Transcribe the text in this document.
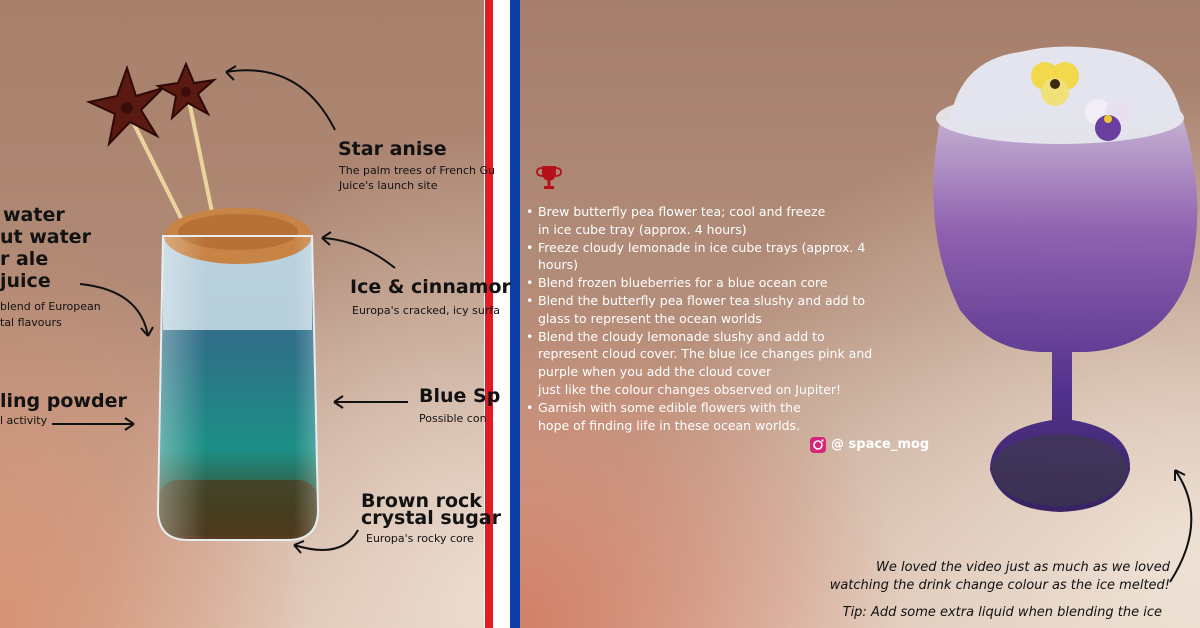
Star anise
The palm trees of French Gu
Juice's launch site
Ice & cinnamor
Europa's cracked, icy surfa
Blue Sp
Possible con
Brown rock
crystal sugar
Europa's rocky core
water
ut water
r ale
juice
blend of European
tal flavours
ling powder
l activity
• Brew butterfly pea flower tea; cool and freeze
in ice cube tray (approx. 4 hours)
• Freeze cloudy lemonade in ice cube trays (approx. 4 hours)
• Blend frozen blueberries for a blue ocean core
• Blend the butterfly pea flower tea slushy and add to
glass to represent the ocean worlds
• Blend the cloudy lemonade slushy and add to
represent cloud cover. The blue ice changes pink and
purple when you add the cloud cover
just like the colour changes observed on Jupiter!
• Garnish with some edible flowers with the
hope of finding life in these ocean worlds.
@ space_mog
We loved the video just as much as we loved
watching the drink change colour as the ice melted!
Tip: Add some extra liquid when blending the ice
